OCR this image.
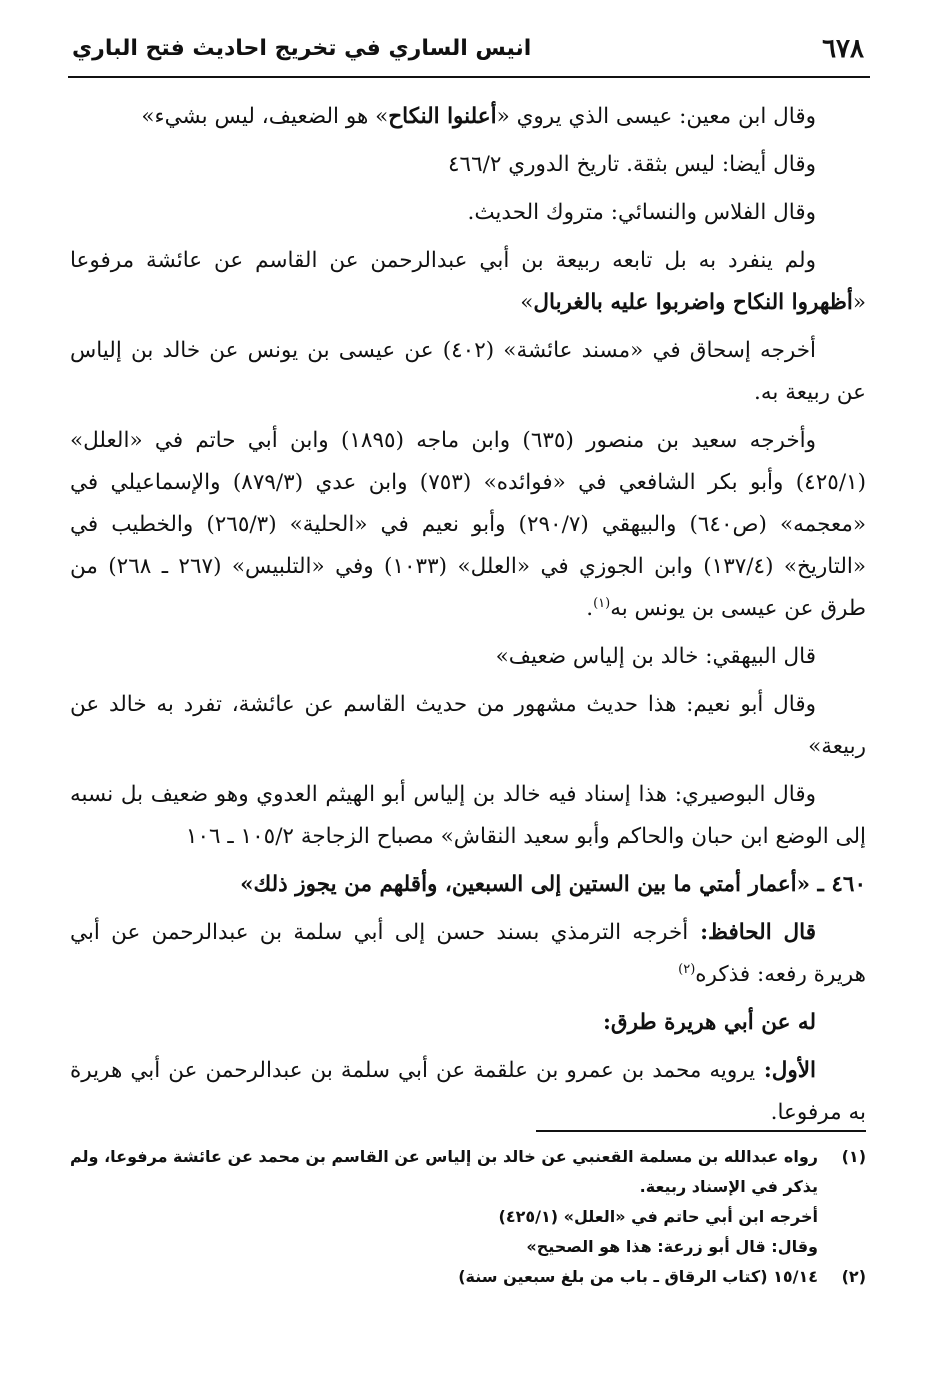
٦٧٨
انيس الساري في تخريج احاديث فتح الباري

وقال ابن معين: عيسى الذي يروي «أعلنوا النكاح» هو الضعيف، ليس بشيء»

وقال أيضا: ليس بثقة. تاريخ الدوري ٤٦٦/٢

وقال الفلاس والنسائي: متروك الحديث.

ولم ينفرد به بل تابعه ربيعة بن أبي عبدالرحمن عن القاسم عن عائشة مرفوعا «أظهروا النكاح واضربوا عليه بالغربال»

أخرجه إسحاق في «مسند عائشة» (٤٠٢) عن عيسى بن يونس عن خالد بن إلياس عن ربيعة به.

وأخرجه سعيد بن منصور (٦٣٥) وابن ماجه (١٨٩٥) وابن أبي حاتم في «العلل» (٤٢٥/١) وأبو بكر الشافعي في «فوائده» (٧٥٣) وابن عدي (٨٧٩/٣) والإسماعيلي في «معجمه» (ص٦٤٠) والبيهقي (٢٩٠/٧) وأبو نعيم في «الحلية» (٢٦٥/٣) والخطيب في «التاريخ» (١٣٧/٤) وابن الجوزي في «العلل» (١٠٣٣) وفي «التلبيس» (٢٦٧ ـ ٢٦٨) من طرق عن عيسى بن يونس به$^{(١)}$.

قال البيهقي: خالد بن إلياس ضعيف»

وقال أبو نعيم: هذا حديث مشهور من حديث القاسم عن عائشة، تفرد به خالد عن ربيعة»

وقال البوصيري: هذا إسناد فيه خالد بن إلياس أبو الهيثم العدوي وهو ضعيف بل نسبه إلى الوضع ابن حبان والحاكم وأبو سعيد النقاش» مصباح الزجاجة ١٠٥/٢ ـ ١٠٦

٤٦٠ ـ «أعمار أمتي ما بين الستين إلى السبعين، وأقلهم من يجوز ذلك»

قال الحافظ: أخرجه الترمذي بسند حسن إلى أبي سلمة بن عبدالرحمن عن أبي هريرة رفعه: فذكره$^{(٢)}$

له عن أبي هريرة طرق:

الأول: يرويه محمد بن عمرو بن علقمة عن أبي سلمة بن عبدالرحمن عن أبي هريرة به مرفوعا.

(١)
رواه عبدالله بن مسلمة القعنبي عن خالد بن إلياس عن القاسم بن محمد عن عائشة مرفوعا، ولم يذكر في الإسناد ربيعة.
أخرجه ابن أبي حاتم في «العلل» (٤٢٥/١)
وقال: قال أبو زرعة: هذا هو الصحيح»
(٢)
١٥/١٤ (كتاب الرقاق ـ باب من بلغ سبعين سنة)
